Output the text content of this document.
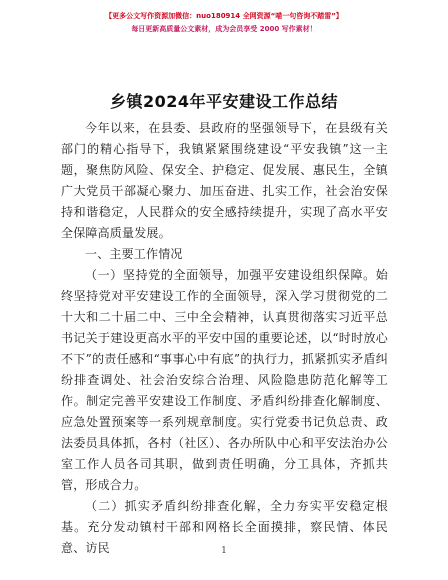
【更多公文写作资源加微信：nuo180914 全网资源“喵一句咨询不踏雷”】
每日更新高质量公文素材，成为会员享受 2000 写作素材！
乡镇2024年平安建设工作总结

今年以来，在县委、县政府的坚强领导下，在县级有关部门的精心指导下，我镇紧紧围绕建设“平安我镇”这一主题，聚焦防风险、保安全、护稳定、促发展、惠民生，全镇广大党员干部凝心聚力、加压奋进、扎实工作，社会治安保持和谐稳定，人民群众的安全感持续提升，实现了高水平安全保障高质量发展。

一、主要工作情况

（一）坚持党的全面领导，加强平安建设组织保障。始终坚持党对平安建设工作的全面领导，深入学习贯彻党的二十大和二十届二中、三中全会精神，认真贯彻落实习近平总书记关于建设更高水平的平安中国的重要论述，以“时时放心不下”的责任感和“事事心中有底”的执行力，抓紧抓实矛盾纠纷排查调处、社会治安综合治理、风险隐患防范化解等工作。制定完善平安建设工作制度、矛盾纠纷排查化解制度、应急处置预案等一系列规章制度。实行党委书记负总责、政法委员具体抓，各村（社区）、各办所队中心和平安法治办公室工作人员各司其职，做到责任明确，分工具体，齐抓共管，形成合力。

（二）抓实矛盾纠纷排查化解，全力夯实平安稳定根基。充分发动镇村干部和网格长全面摸排，察民情、体民意、访民	1
